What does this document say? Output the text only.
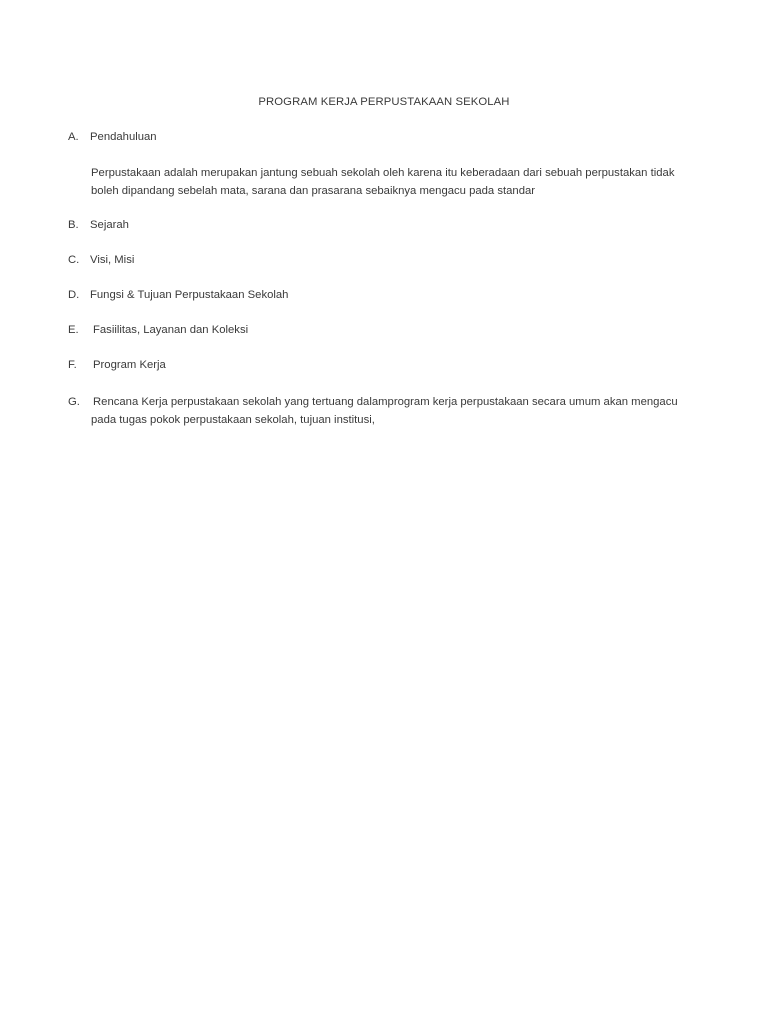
PROGRAM KERJA PERPUSTAKAAN SEKOLAH
A. Pendahuluan
Perpustakaan adalah merupakan jantung sebuah sekolah oleh karena itu keberadaan dari sebuah perpustakan tidak
boleh dipandang sebelah mata, sarana dan prasarana sebaiknya mengacu pada standar
B. Sejarah
C. Visi, Misi
D. Fungsi & Tujuan Perpustakaan Sekolah
E. Fasiilitas, Layanan dan Koleksi
F. Program Kerja
G. Rencana Kerja perpustakaan sekolah yang tertuang dalamprogram kerja perpustakaan secara umum akan mengacu
pada tugas pokok perpustakaan sekolah, tujuan institusi,
